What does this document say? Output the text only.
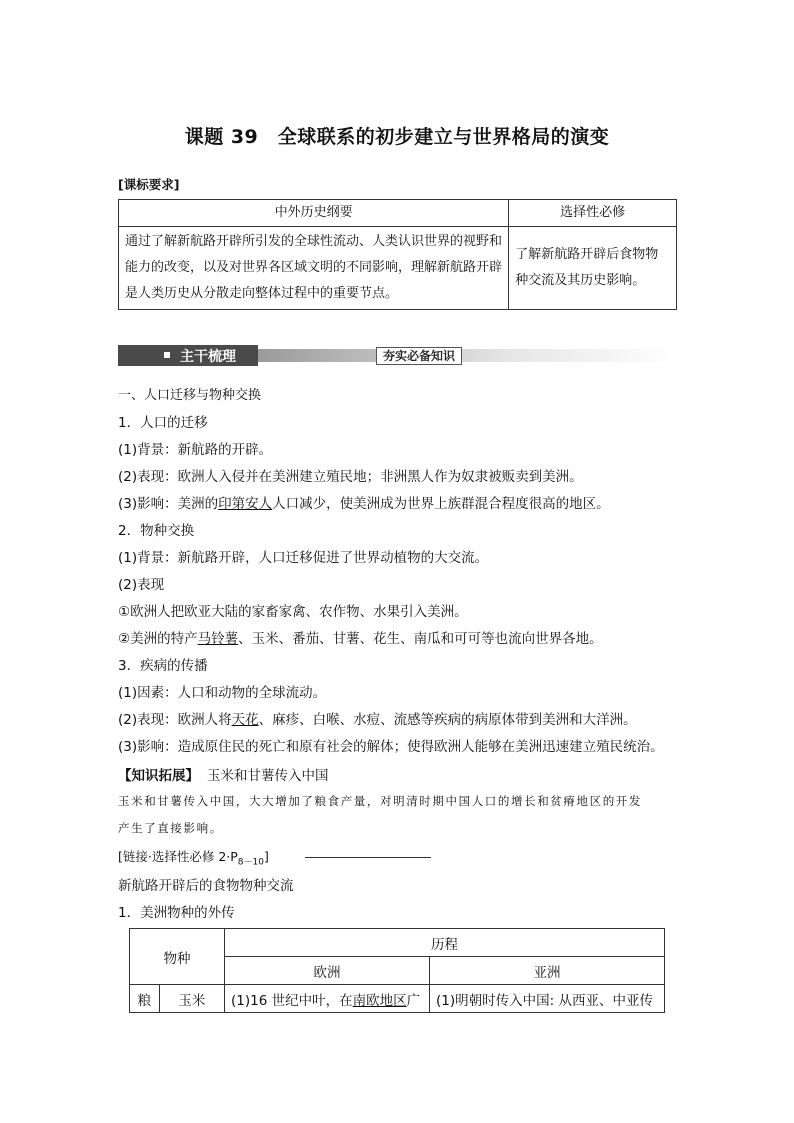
课题 39　全球联系的初步建立与世界格局的演变
[课标要求]
中外历史纲要	选择性必修
通过了解新航路开辟所引发的全球性流动、人类认识世界的视野和能力的改变，以及对世界各区域文明的不同影响，理解新航路开辟是人类历史从分散走向整体过程中的重要节点。	了解新航路开辟后食物物种交流及其历史影响。
主干梳理	夯实必备知识
一、人口迁移与物种交换
1．人口的迁移
(1)背景：新航路的开辟。
(2)表现：欧洲人入侵并在美洲建立殖民地；非洲黑人作为奴隶被贩卖到美洲。
(3)影响：美洲的印第安人人口减少，使美洲成为世界上族群混合程度很高的地区。
2．物种交换
(1)背景：新航路开辟，人口迁移促进了世界动植物的大交流。
(2)表现
①欧洲人把欧亚大陆的家畜家禽、农作物、水果引入美洲。
②美洲的特产马铃薯、玉米、番茄、甘薯、花生、南瓜和可可等也流向世界各地。
3．疾病的传播
(1)因素：人口和动物的全球流动。
(2)表现：欧洲人将天花、麻疹、白喉、水痘、流感等疾病的病原体带到美洲和大洋洲。
(3)影响：造成原住民的死亡和原有社会的解体；使得欧洲人能够在美洲迅速建立殖民统治。
【知识拓展】 玉米和甘薯传入中国
玉米和甘薯传入中国，大大增加了粮食产量，对明清时期中国人口的增长和贫瘠地区的开发
产生了直接影响。
[链接·选择性必修 $2\cdot P_{8-10}$]
新航路开辟后的食物物种交流
1．美洲物种的外传
物种		历程	
		欧洲	亚洲
粮	玉米	(1)16 世纪中叶，在南欧地区广	(1)明朝时传入中国: 从西亚、中亚传
